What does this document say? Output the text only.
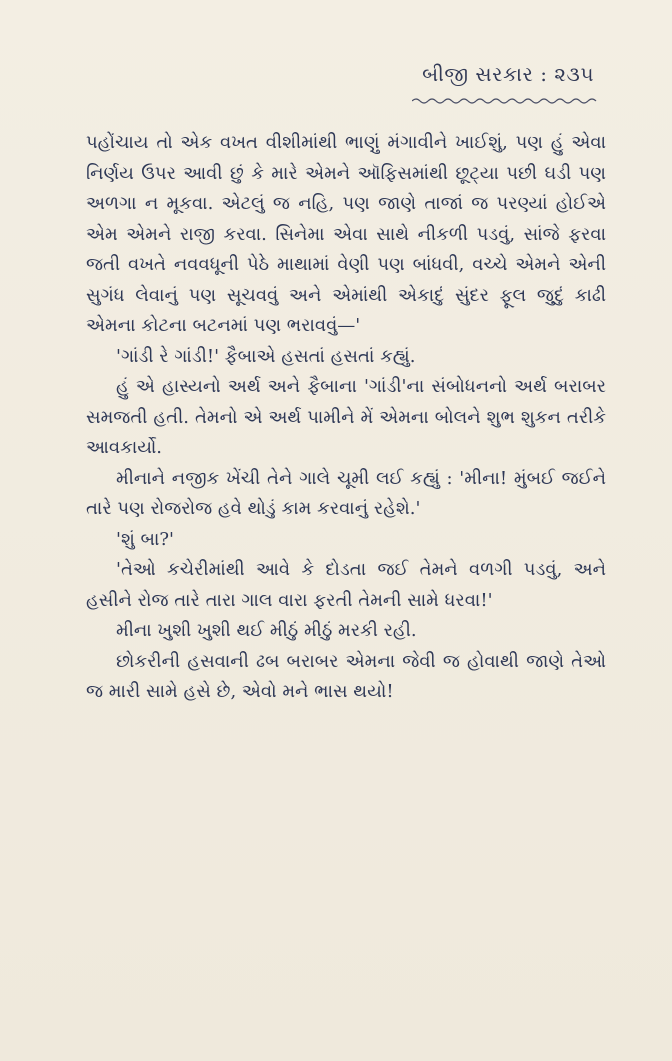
બીજી સરકાર : ૨૩૫

પહોંચાય તો એક વખત વીશીમાંથી ભાણું મંગાવીને ખાઈશું, પણ હું એવા નિર્ણય ઉપર આવી છું કે મારે એમને ઑફિસમાંથી છૂટ્યા પછી ઘડી પણ અળગા ન મૂકવા. એટલું જ નહિ, પણ જાણે તાજાં જ પરણ્યાં હોઈએ એમ એમને રાજી કરવા. સિનેમા એવા સાથે નીકળી પડવું, સાંજે ફરવા જતી વખતે નવવધૂની પેઠે માથામાં વેણી પણ બાંધવી, વચ્ચે એમને એની સુગંધ લેવાનું પણ સૂચવવું અને એમાંથી એકાદું સુંદર ફૂલ જુદું કાઢી એમના કોટના બટનમાં પણ ભરાવવું—'

'ગાંડી રે ગાંડી!' ફૈબાએ હસતાં હસતાં કહ્યું.

હું એ હાસ્યનો અર્થ અને ફૈબાના 'ગાંડી'ના સંબોધનનો અર્થ બરાબર સમજતી હતી. તેમનો એ અર્થ પામીને મેં એમના બોલને શુભ શુકન તરીકે આવકાર્યો.

મીનાને નજીક ખેંચી તેને ગાલે ચૂમી લઈ કહ્યું : 'મીના! મુંબઈ જઈને તારે પણ રોજરોજ હવે થોડું કામ કરવાનું રહેશે.'

'શું બા?'

'તેઓ કચેરીમાંથી આવે કે દોડતા જઈ તેમને વળગી પડવું, અને હસીને રોજ તારે તારા ગાલ વારા ફરતી તેમની સામે ધરવા!'

મીના ખુશી ખુશી થઈ મીઠું મીઠું મરકી રહી.

છોકરીની હસવાની ઢબ બરાબર એમના જેવી જ હોવાથી જાણે તેઓ જ મારી સામે હસે છે, એવો મને ભાસ થયો!
